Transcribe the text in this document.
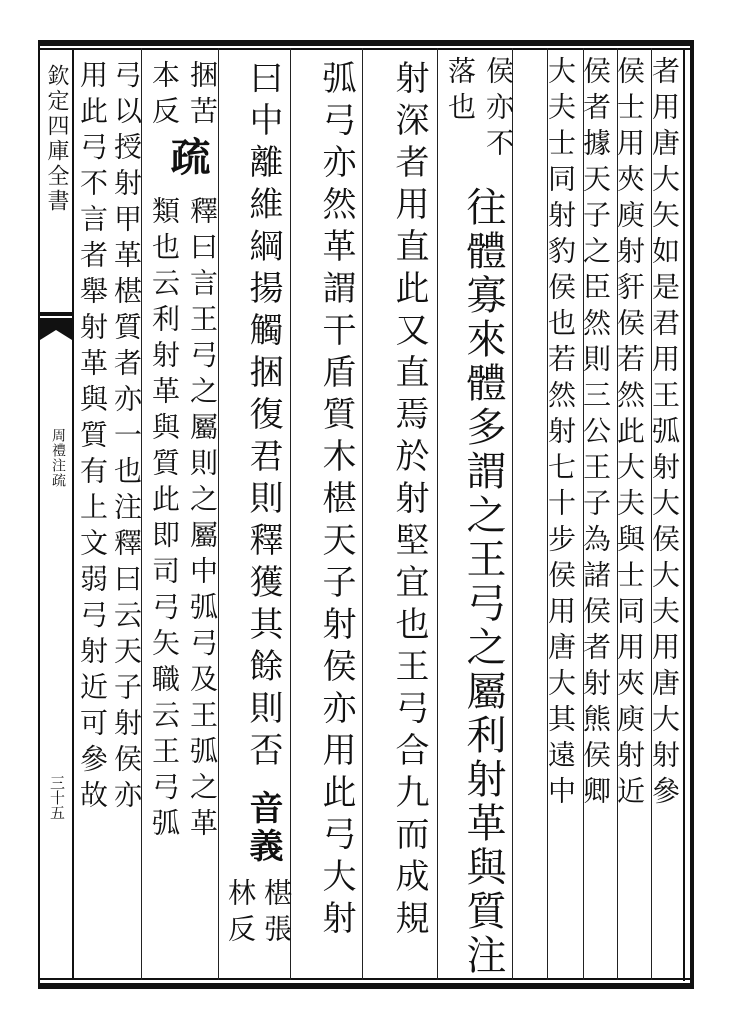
欽定四庫全書
周禮注疏
三十五	者用唐大矢如是君用王弧射大侯大夫用唐大射參
侯士用夾庾射豻侯若然此大夫與士同用夾庾射近
侯者據天子之臣然則三公王子為諸侯者射熊侯卿
大夫士同射豹侯也若然射七十步侯用唐大其遠中
侯亦不
落也
往體寡來體多謂之王弓之屬利射革與質注
射深者用直此又直焉於射堅宜也王弓合九而成規
弧弓亦然革謂干盾質木椹天子射侯亦用此弓大射
曰中離維綱揚觸捆復君則釋獲其餘則否
音義
椹張
林反
捆苦
本反
疏
釋曰言王弓之屬則之屬中弧弓及王弧之革
類也云利射革與質此即司弓矢職云王弓弧
弓以授射甲革椹質者亦一也注釋曰云天子射侯亦
用此弓不言者舉射革與質有上文弱弓射近可參故
